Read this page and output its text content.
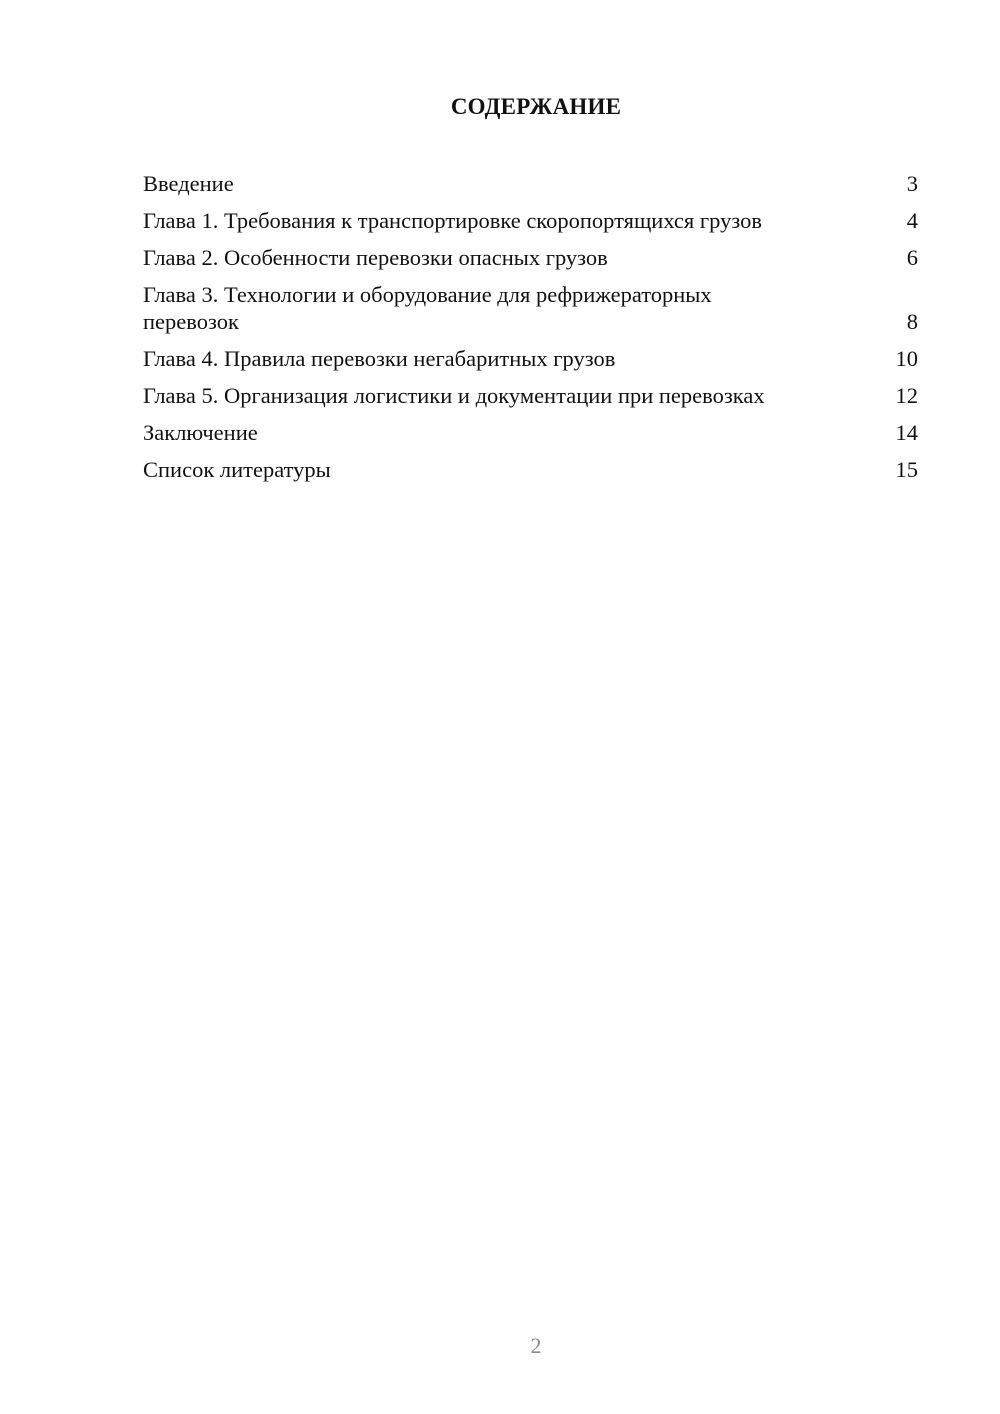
СОДЕРЖАНИЕ
Введение	3
Глава 1. Требования к транспортировке скоропортящихся грузов	4
Глава 2. Особенности перевозки опасных грузов	6
Глава 3. Технологии и оборудование для рефрижераторных перевозок	8
Глава 4. Правила перевозки негабаритных грузов	10
Глава 5. Организация логистики и документации при перевозках	12
Заключение	14
Список литературы	15
2
